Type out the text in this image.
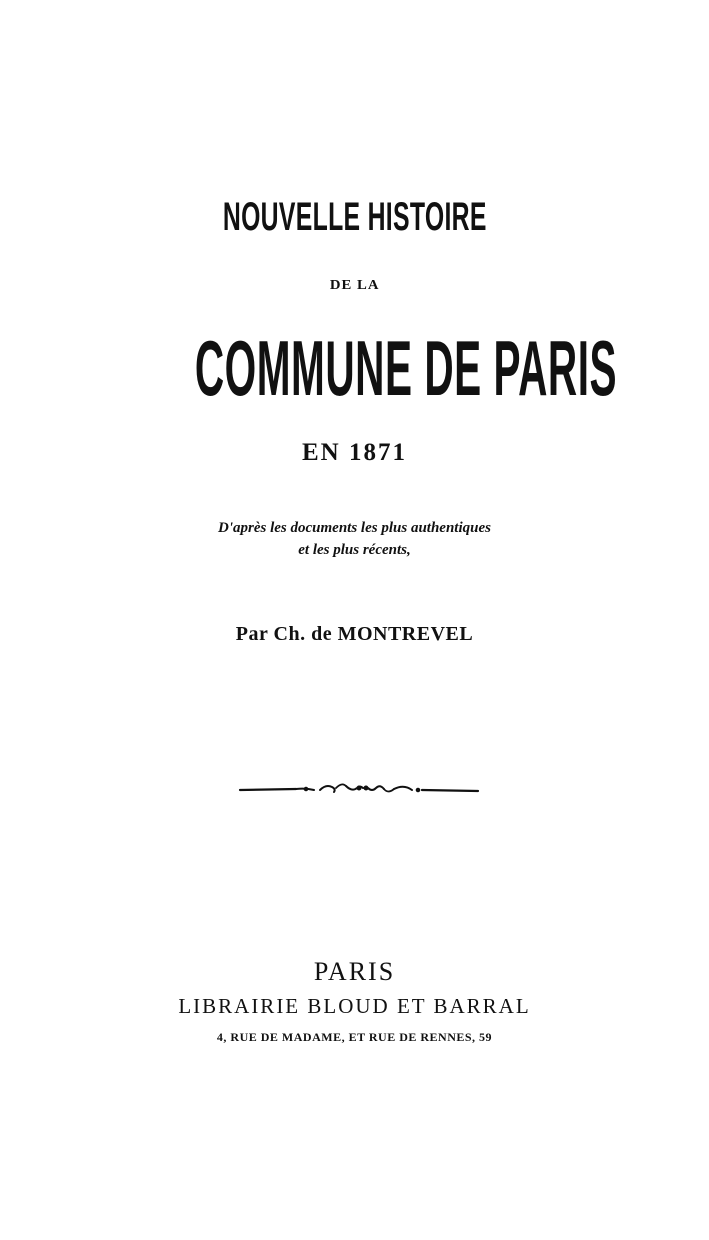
NOUVELLE HISTOIRE
DE LA
COMMUNE DE PARIS
EN 1871
D'après les documents les plus authentiques
et les plus récents,
Par Ch. de MONTREVEL
PARIS
LIBRAIRIE BLOUD ET BARRAL
4, RUE DE MADAME, ET RUE DE RENNES, 59
